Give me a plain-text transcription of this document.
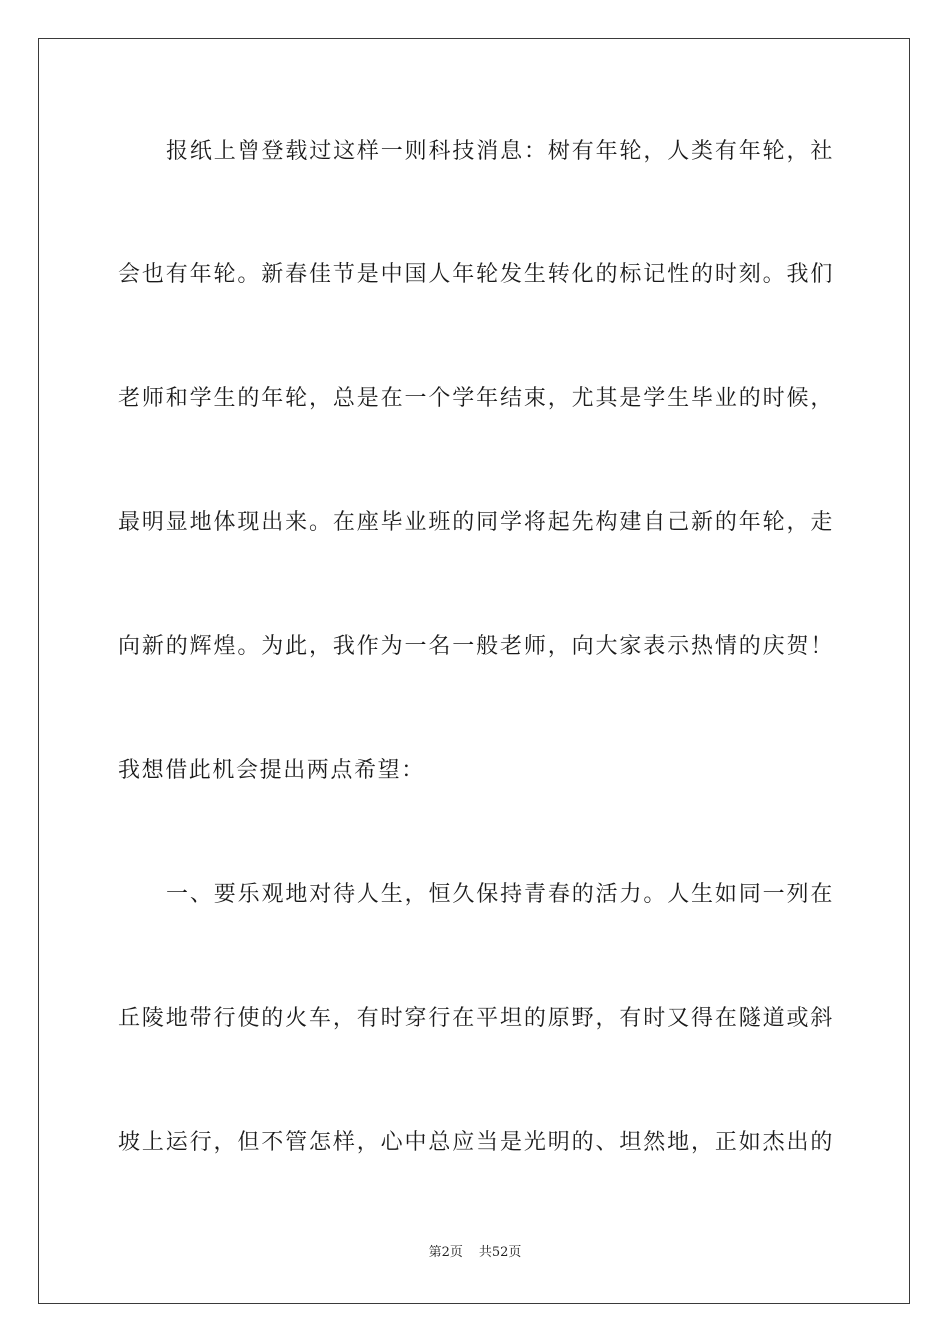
报纸上曾登载过这样一则科技消息：树有年轮，人类有年轮，社
会也有年轮。新春佳节是中国人年轮发生转化的标记性的时刻。我们
老师和学生的年轮，总是在一个学年结束，尤其是学生毕业的时候，
最明显地体现出来。在座毕业班的同学将起先构建自己新的年轮，走
向新的辉煌。为此，我作为一名一般老师，向大家表示热情的庆贺！
我想借此机会提出两点希望：
一、要乐观地对待人生，恒久保持青春的活力。人生如同一列在
丘陵地带行使的火车，有时穿行在平坦的原野，有时又得在隧道或斜
坡上运行，但不管怎样，心中总应当是光明的、坦然地，正如杰出的
第2页 共52页
